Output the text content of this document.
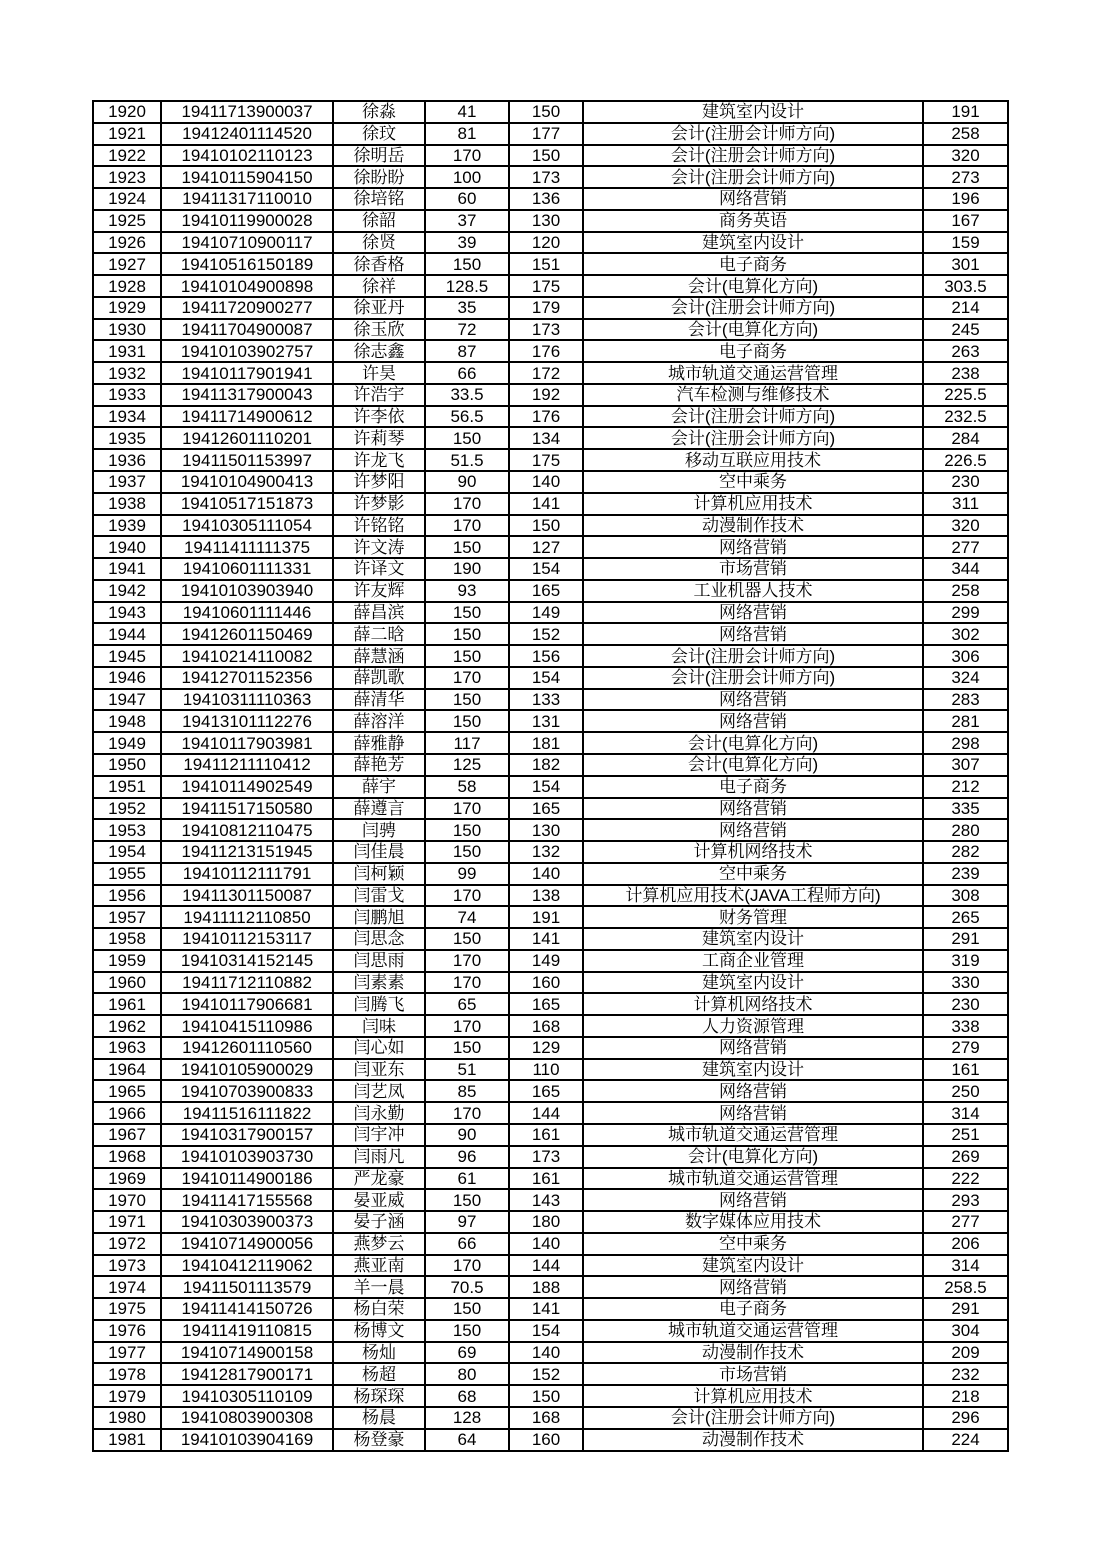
1920	19411713900037	徐淼	41	150	建筑室内设计	191
1921	19412401114520	徐玟	81	177	会计(注册会计师方向)	258
1922	19410102110123	徐明岳	170	150	会计(注册会计师方向)	320
1923	19410115904150	徐盼盼	100	173	会计(注册会计师方向)	273
1924	19411317110010	徐培铭	60	136	网络营销	196
1925	19410119900028	徐韶	37	130	商务英语	167
1926	19410710900117	徐贤	39	120	建筑室内设计	159
1927	19410516150189	徐香格	150	151	电子商务	301
1928	19410104900898	徐祥	128.5	175	会计(电算化方向)	303.5
1929	19411720900277	徐亚丹	35	179	会计(注册会计师方向)	214
1930	19411704900087	徐玉欣	72	173	会计(电算化方向)	245
1931	19410103902757	徐志鑫	87	176	电子商务	263
1932	19410117901941	许昊	66	172	城市轨道交通运营管理	238
1933	19411317900043	许浩宇	33.5	192	汽车检测与维修技术	225.5
1934	19411714900612	许李依	56.5	176	会计(注册会计师方向)	232.5
1935	19412601110201	许莉琴	150	134	会计(注册会计师方向)	284
1936	19411501153997	许龙飞	51.5	175	移动互联应用技术	226.5
1937	19410104900413	许梦阳	90	140	空中乘务	230
1938	19410517151873	许梦影	170	141	计算机应用技术	311
1939	19410305111054	许铭铭	170	150	动漫制作技术	320
1940	19411411111375	许文涛	150	127	网络营销	277
1941	19410601111331	许译文	190	154	市场营销	344
1942	19410103903940	许友辉	93	165	工业机器人技术	258
1943	19410601111446	薛昌滨	150	149	网络营销	299
1944	19412601150469	薛二晗	150	152	网络营销	302
1945	19410214110082	薛慧涵	150	156	会计(注册会计师方向)	306
1946	19412701152356	薛凯歌	170	154	会计(注册会计师方向)	324
1947	19410311110363	薛清华	150	133	网络营销	283
1948	19413101112276	薛溶洋	150	131	网络营销	281
1949	19410117903981	薛雅静	117	181	会计(电算化方向)	298
1950	19411211110412	薛艳芳	125	182	会计(电算化方向)	307
1951	19410114902549	薛宇	58	154	电子商务	212
1952	19411517150580	薛遵言	170	165	网络营销	335
1953	19410812110475	闫骋	150	130	网络营销	280
1954	19411213151945	闫佳晨	150	132	计算机网络技术	282
1955	19410112111791	闫柯颖	99	140	空中乘务	239
1956	19411301150087	闫雷戈	170	138	计算机应用技术(JAVA工程师方向)	308
1957	19411112110850	闫鹏旭	74	191	财务管理	265
1958	19410112153117	闫思念	150	141	建筑室内设计	291
1959	19410314152145	闫思雨	170	149	工商企业管理	319
1960	19411712110882	闫素素	170	160	建筑室内设计	330
1961	19410117906681	闫腾飞	65	165	计算机网络技术	230
1962	19410415110986	闫味	170	168	人力资源管理	338
1963	19412601110560	闫心如	150	129	网络营销	279
1964	19410105900029	闫亚东	51	110	建筑室内设计	161
1965	19410703900833	闫艺凤	85	165	网络营销	250
1966	19411516111822	闫永勤	170	144	网络营销	314
1967	19410317900157	闫宇冲	90	161	城市轨道交通运营管理	251
1968	19410103903730	闫雨凡	96	173	会计(电算化方向)	269
1969	19410114900186	严龙豪	61	161	城市轨道交通运营管理	222
1970	19411417155568	晏亚威	150	143	网络营销	293
1971	19410303900373	晏子涵	97	180	数字媒体应用技术	277
1972	19410714900056	燕梦云	66	140	空中乘务	206
1973	19410412119062	燕亚南	170	144	建筑室内设计	314
1974	19411501113579	羊一晨	70.5	188	网络营销	258.5
1975	19411414150726	杨白荣	150	141	电子商务	291
1976	19411419110815	杨博文	150	154	城市轨道交通运营管理	304
1977	19410714900158	杨灿	69	140	动漫制作技术	209
1978	19412817900171	杨超	80	152	市场营销	232
1979	19410305110109	杨琛琛	68	150	计算机应用技术	218
1980	19410803900308	杨晨	128	168	会计(注册会计师方向)	296
1981	19410103904169	杨登豪	64	160	动漫制作技术	224
